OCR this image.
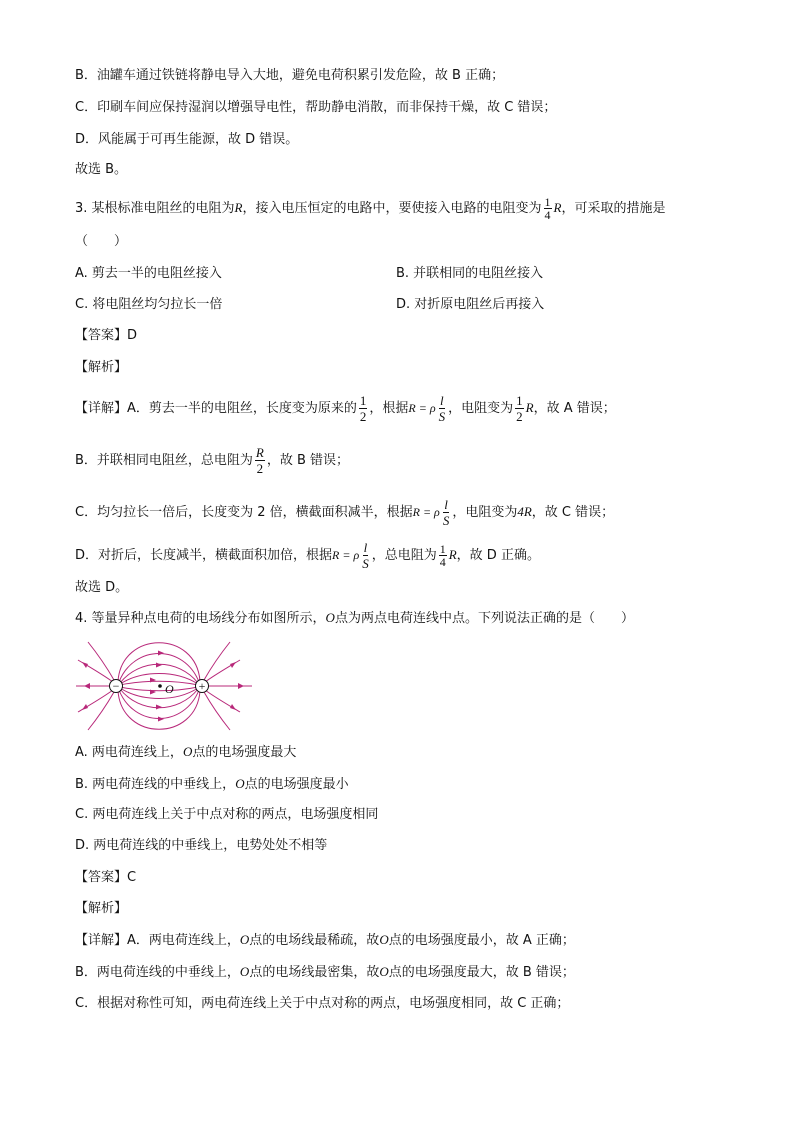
B．油罐车通过铁链将静电导入大地，避免电荷积累引发危险，故 B 正确；
C．印刷车间应保持湿润以增强导电性，帮助静电消散，而非保持干燥，故 C 错误；
D．风能属于可再生能源，故 D 错误。
故选 B。
3. 某根标准电阻丝的电阻为R，接入电压恒定的电路中，要使接入电路的电阻变为 $\frac{1}{4}$ R，可采取的措施是
（　　）
A. 剪去一半的电阻丝接入	B. 并联相同的电阻丝接入
C. 将电阻丝均匀拉长一倍	D. 对折原电阻丝后再接入
【答案】D
【解析】
【详解】A．剪去一半的电阻丝，长度变为原来的 $\frac{1}{2}$ ，根据R = ρ $\frac{l}{S}$ ，电阻变为 $\frac{1}{2}$ R，故 A 错误；
B．并联相同电阻丝，总电阻为 $\frac{R}{2}$ ，故 B 错误；
C．均匀拉长一倍后，长度变为 2 倍，横截面积减半，根据R = ρ $\frac{l}{S}$ ，电阻变为4R，故 C 错误；
D．对折后，长度减半，横截面积加倍，根据R = ρ $\frac{l}{S}$ ，总电阻为 $\frac{1}{4}$ R，故 D 正确。
故选 D。
4. 等量异种点电荷的电场线分布如图所示，O点为两点电荷连线中点。下列说法正确的是（　　）
−	+
O
A. 两电荷连线上，O点的电场强度最大
B. 两电荷连线的中垂线上，O点的电场强度最小
C. 两电荷连线上关于中点对称的两点，电场强度相同
D. 两电荷连线的中垂线上，电势处处不相等
【答案】C
【解析】
【详解】A．两电荷连线上，O点的电场线最稀疏，故O点的电场强度最小，故 A 正确；
B．两电荷连线的中垂线上，O点的电场线最密集，故O点的电场强度最大，故 B 错误；
C．根据对称性可知，两电荷连线上关于中点对称的两点，电场强度相同，故 C 正确；
